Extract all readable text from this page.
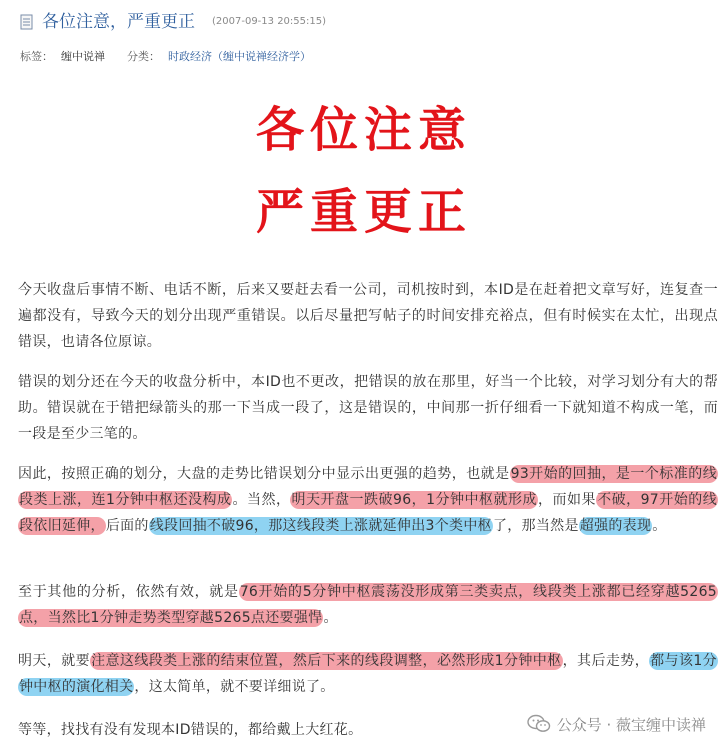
各位注意，严重更正 (2007-09-13 20:55:15)
标签： 缠中说禅 分类： 时政经济（缠中说禅经济学）
各位注意
严重更正
今天收盘后事情不断、电话不断，后来又要赶去看一公司，司机按时到，本ID是在赶着把文章写好，连复查一遍都没有，导致今天的划分出现严重错误。以后尽量把写帖子的时间安排充裕点，但有时候实在太忙，出现点错误，也请各位原谅。
错误的划分还在今天的收盘分析中，本ID也不更改，把错误的放在那里，好当一个比较，对学习划分有大的帮助。错误就在于错把绿箭头的那一下当成一段了，这是错误的，中间那一折仔细看一下就知道不构成一笔，而一段是至少三笔的。
因此，按照正确的划分，大盘的走势比错误划分中显示出更强的趋势，也就是93开始的回抽，是一个标准的线段类上涨，连1分钟中枢还没构成。当然，明天开盘一跌破96，1分钟中枢就形成，而如果不破，97开始的线段依旧延伸，后面的线段回抽不破96，那这线段类上涨就延伸出3个类中枢了，那当然是超强的表现。
至于其他的分析，依然有效，就是76开始的5分钟中枢震荡没形成第三类卖点，线段类上涨都已经穿越5265点，当然比1分钟走势类型穿越5265点还要强悍。
明天，就要注意这线段类上涨的结束位置，然后下来的线段调整，必然形成1分钟中枢，其后走势，都与该1分钟中枢的演化相关，这太简单，就不要详细说了。
等等，找找有没有发现本ID错误的，都给戴上大红花。	公众号 · 薇宝缠中读禅
